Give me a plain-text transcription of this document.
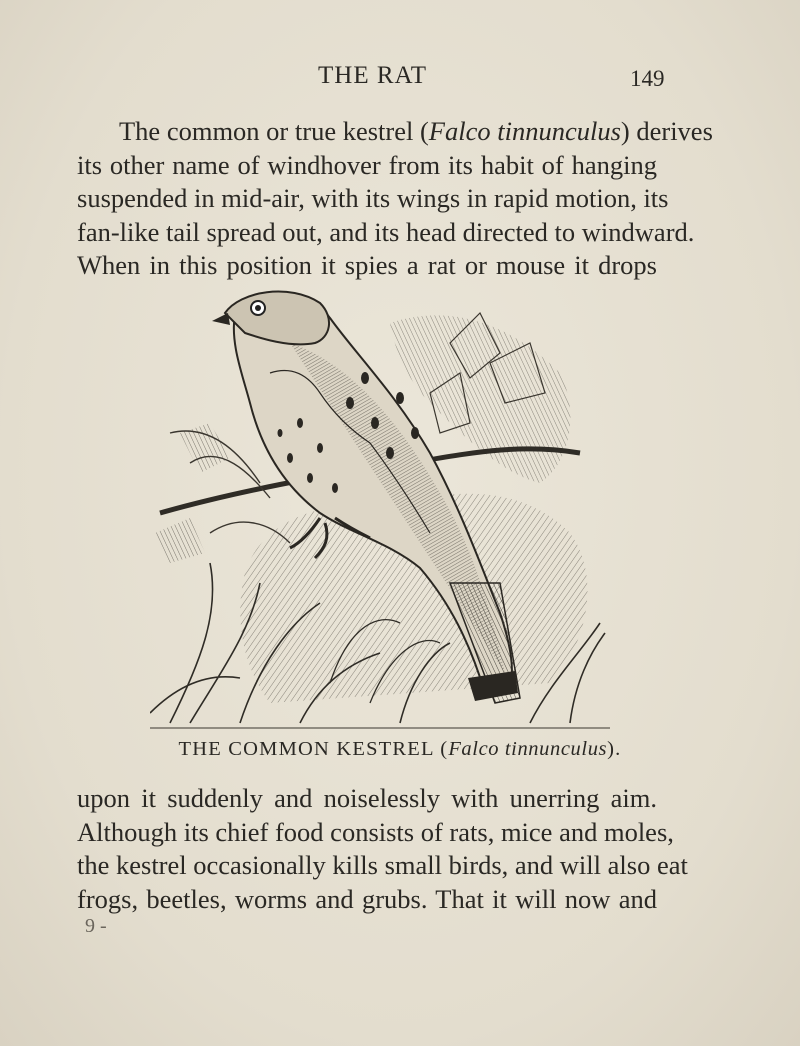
THE RAT	149

The common or true kestrel (Falco tinnunculus) derives
its other name of windhover from its habit of hanging
suspended in mid-air, with its wings in rapid motion, its
fan-like tail spread out, and its head directed to windward.
When in this position it spies a rat or mouse it drops

THE COMMON KESTREL (Falco tinnunculus).

upon it suddenly and noiselessly with unerring aim.
Although its chief food consists of rats, mice and moles,
the kestrel occasionally kills small birds, and will also eat
frogs, beetles, worms and grubs. That it will now and

9 -
